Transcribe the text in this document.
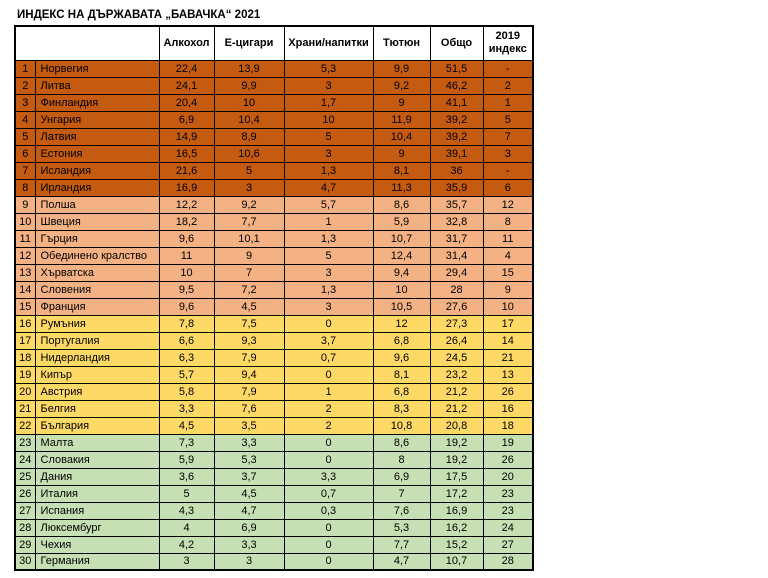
ИНДЕКС НА ДЪРЖАВАТА „БАВАЧКА“ 2021
		Алкохол	Е-цигари	Храни/напитки	Тютюн	Общо	2019 индекс
1	Норвегия	22,4	13,9	5,3	9,9	51,5	-
2	Литва	24,1	9,9	3	9,2	46,2	2
3	Финландия	20,4	10	1,7	9	41,1	1
4	Унгария	6,9	10,4	10	11,9	39,2	5
5	Латвия	14,9	8,9	5	10,4	39,2	7
6	Естония	16,5	10,6	3	9	39,1	3
7	Исландия	21,6	5	1,3	8,1	36	-
8	Ирландия	16,9	3	4,7	11,3	35,9	6
9	Полша	12,2	9,2	5,7	8,6	35,7	12
10	Швеция	18,2	7,7	1	5,9	32,8	8
11	Гърция	9,6	10,1	1,3	10,7	31,7	11
12	Обединено кралство	11	9	5	12,4	31,4	4
13	Хърватска	10	7	3	9,4	29,4	15
14	Словения	9,5	7,2	1,3	10	28	9
15	Франция	9,6	4,5	3	10,5	27,6	10
16	Румъния	7,8	7,5	0	12	27,3	17
17	Португалия	6,6	9,3	3,7	6,8	26,4	14
18	Нидерландия	6,3	7,9	0,7	9,6	24,5	21
19	Кипър	5,7	9,4	0	8,1	23,2	13
20	Австрия	5,8	7,9	1	6,8	21,2	26
21	Белгия	3,3	7,6	2	8,3	21,2	16
22	България	4,5	3,5	2	10,8	20,8	18
23	Малта	7,3	3,3	0	8,6	19,2	19
24	Словакия	5,9	5,3	0	8	19,2	26
25	Дания	3,6	3,7	3,3	6,9	17,5	20
26	Италия	5	4,5	0,7	7	17,2	23
27	Испания	4,3	4,7	0,3	7,6	16,9	23
28	Люксембург	4	6,9	0	5,3	16,2	24
29	Чехия	4,2	3,3	0	7,7	15,2	27
30	Германия	3	3	0	4,7	10,7	28
